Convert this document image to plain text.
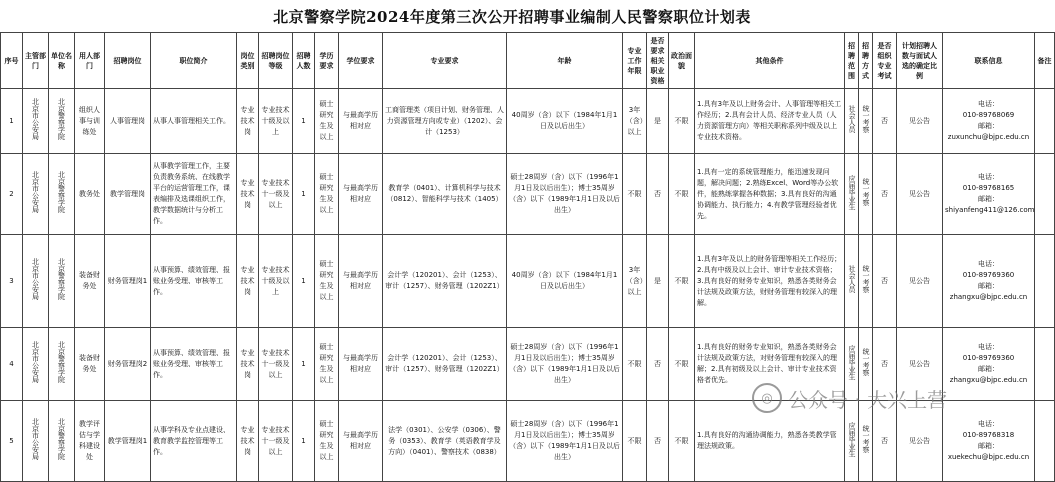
北京警察学院2024年度第三次公开招聘事业编制人民警察职位计划表
序号	主管部门	单位名称	用人部门	招聘岗位	职位简介	岗位类别	招聘岗位等级	招聘人数	学历要求	学位要求	专业要求	年龄	专业工作年限	是否要求相关职业资格	政治面貌	其他条件	招聘范围	招聘方式	是否组织专业考试	计划招聘人数与面试人选的确定比例	联系信息	备注
1	北京市公安局	北京警察学院	组织人事与训练处	人事管理岗	从事人事管理相关工作。	专业技术岗	专业技术十级及以上	1	硕士研究生及以上	与最高学历相对应	工商管理类（项目计划、财务管理、人力资源管理方向或专业）（1202）、会计（1253）	40周岁（含）以下（1984年1月1日及以后出生）	3年（含）以上	是	不限	1.具有3年及以上财务会计、人事管理等相关工作经历；2.具有会计人员、经济专业人员（人力资源管理方向）等相关职称系列中级及以上专业技术资格。	社会人员	统一考察	否	见公告	电话：
010-89768069
邮箱：
zuxunchu@bjpc.edu.cn	

2	北京市公安局	北京警察学院	教务处	教学管理岗	从事教学管理工作，主要负责教务系统、在线教学平台的运营管理工作，课表编排及选课组织工作，教学数据统计与分析工作。	专业技术岗	专业技术十一级及以上	1	硕士研究生及以上	与最高学历相对应	教育学（0401）、计算机科学与技术（0812）、智能科学与技术（1405）	硕士28周岁（含）以下（1996年1月1日及以后出生）；博士35周岁（含）以下（1989年1月1日及以后出生）	不限	否	不限	1.具有一定的系统管理能力，能迅速发现问题，解决问题；2.熟练Excel、Word等办公软件，能熟练掌握各种数据；3.具有良好的沟通协调能力、执行能力；4.有教学管理经验者优先。	应届毕业生	统一考察	否	见公告	电话：
010-89768165
邮箱：
shiyanfeng411@126.com	

3	北京市公安局	北京警察学院	装备财务处	财务管理岗1	从事预算、绩效管理、报账业务受理、审核等工作。	专业技术岗	专业技术十级及以上	1	硕士研究生及以上	与最高学历相对应	会计学（120201）、会计（1253）、审计（1257）、财务管理（1202Z1）	40周岁（含）以下（1984年1月1日及以后出生）	3年（含）以上	是	不限	1.具有3年及以上的财务管理等相关工作经历；2.具有中级及以上会计、审计专业技术资格；3.具有良好的财务专业知识，熟悉各类财务会计法规及政策方法，财财务管理有较深入的理解。	社会人员	统一考察	否	见公告	电话：
010-89769360
邮箱：
zhangxu@bjpc.edu.cn	

4	北京市公安局	北京警察学院	装备财务处	财务管理岗2	从事预算、绩效管理、报账业务受理、审核等工作。	专业技术岗	专业技术十一级及以上	1	硕士研究生及以上	与最高学历相对应	会计学（120201）、会计（1253）、审计（1257）、财务管理（1202Z1）	硕士28周岁（含）以下（1996年1月1日及以后出生）；博士35周岁（含）以下（1989年1月1日及以后出生）	不限	否	不限	1.具有良好的财务专业知识，熟悉各类财务会计法规及政策方法，对财务管理有较深入的理解；2.具有初级及以上会计、审计专业技术资格者优先。	应届毕业生	统一考察	否	见公告	电话：
010-89769360
邮箱：
zhangxu@bjpc.edu.cn	

5	北京市公安局	北京警察学院	教学评估与学科建设处	教学管理岗1	从事学科及专业点建设、教育教学监控管理等工作。	专业技术岗	专业技术十一级及以上	1	硕士研究生及以上	与最高学历相对应	法学（0301）、公安学（0306）、警务（0353）、教育学（英语教育学及方向）（0401）、警察技术（0838）	硕士28周岁（含）以下（1996年1月1日及以后出生）；博士35周岁（含）以下（1989年1月1日及以后出生）	不限	否	不限	1.具有良好的沟通协调能力，熟悉各类教学管理法规政策。	应届毕业生	统一考察	否	见公告	电话：
010-89768318
邮箱：
xuekechu@bjpc.edu.cn	

◎ 公众号 · 大兴上营
